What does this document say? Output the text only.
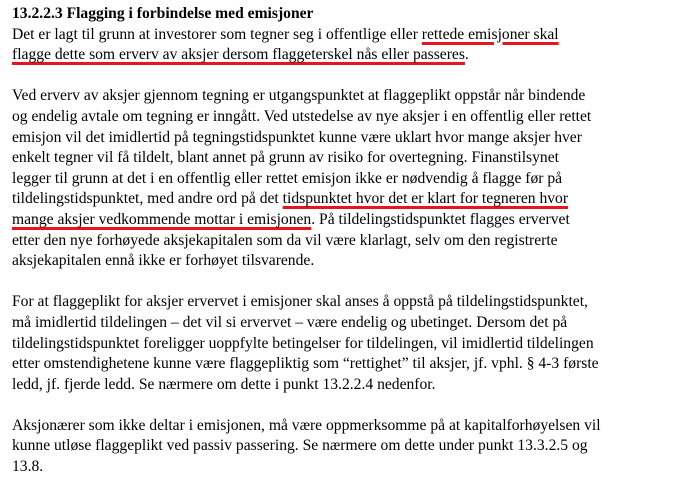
13.2.2.3 Flagging i forbindelse med emisjoner
Det er lagt til grunn at investorer som tegner seg i offentlige eller rettede emisjoner skal
flagge dette som erverv av aksjer dersom flaggeterskel nås eller passeres.
Ved erverv av aksjer gjennom tegning er utgangspunktet at flaggeplikt oppstår når bindende
og endelig avtale om tegning er inngått. Ved utstedelse av nye aksjer i en offentlig eller rettet
emisjon vil det imidlertid på tegningstidspunktet kunne være uklart hvor mange aksjer hver
enkelt tegner vil få tildelt, blant annet på grunn av risiko for overtegning. Finanstilsynet
legger til grunn at det i en offentlig eller rettet emisjon ikke er nødvendig å flagge før på
tildelingstidspunktet, med andre ord på det tidspunktet hvor det er klart for tegneren hvor
mange aksjer vedkommende mottar i emisjonen. På tildelingstidspunktet flagges ervervet
etter den nye forhøyede aksjekapitalen som da vil være klarlagt, selv om den registrerte
aksjekapitalen ennå ikke er forhøyet tilsvarende.
For at flaggeplikt for aksjer ervervet i emisjoner skal anses å oppstå på tildelingstidspunktet,
må imidlertid tildelingen – det vil si ervervet – være endelig og ubetinget. Dersom det på
tildelingstidspunktet foreligger uoppfylte betingelser for tildelingen, vil imidlertid tildelingen
etter omstendighetene kunne være flaggepliktig som “rettighet” til aksjer, jf. vphl. § 4-3 første
ledd, jf. fjerde ledd. Se nærmere om dette i punkt 13.2.2.4 nedenfor.
Aksjonærer som ikke deltar i emisjonen, må være oppmerksomme på at kapitalforhøyelsen vil
kunne utløse flaggeplikt ved passiv passering. Se nærmere om dette under punkt 13.3.2.5 og
13.8.
